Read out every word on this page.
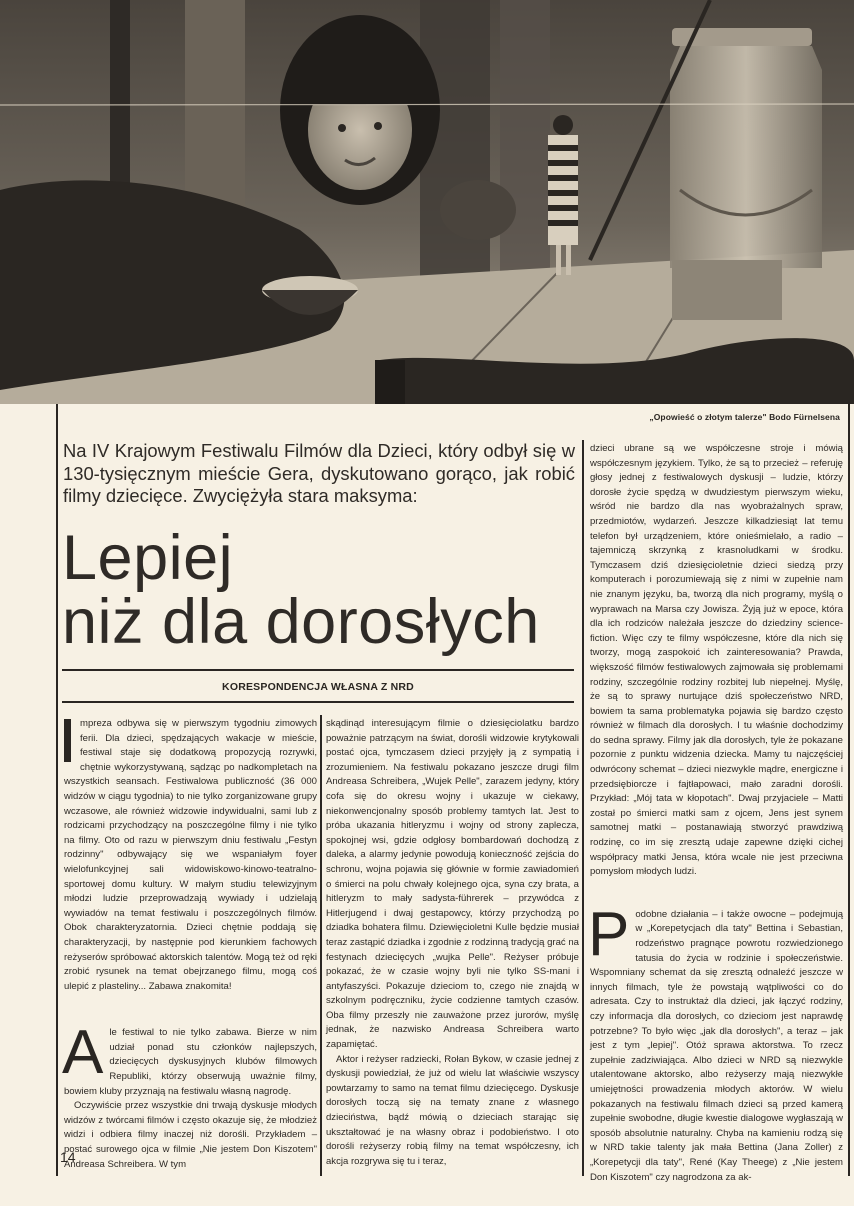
„Opowieść o złotym talerze" Bodo Fürnelsena
Na IV Krajowym Festiwalu Filmów dla Dzieci, który odbył się w 130-tysięcznym mieście Gera, dyskutowano gorąco, jak robić filmy dziecięce. Zwyciężyła stara maksyma:
Lepiej
niż dla dorosłych
KORESPONDENCJA WŁASNA Z NRD

mpreza odbywa się w pierwszym tygodniu zimowych ferii. Dla dzieci, spędzających wakacje w mieście, festiwal staje się dodatkową propozycją rozrywki, chętnie wykorzystywaną, sądząc po nadkompletach na wszystkich seansach. Festiwalowa publiczność (36 000 widzów w ciągu tygodnia) to nie tylko zorganizowane grupy wczasowe, ale również widzowie indywidualni, sami lub z rodzicami przychodzący na poszczególne filmy i nie tylko na filmy. Oto od razu w pierwszym dniu festiwalu „Festyn rodzinny" odbywający się we wspaniałym foyer wielofunkcyjnej sali widowiskowo-kinowo-teatralno-sportowej domu kultury. W małym studiu telewizyjnym młodzi ludzie przeprowadzają wywiady i udzielają wywiadów na temat festiwalu i poszczególnych filmów. Obok charakteryzatornia. Dzieci chętnie poddają się charakteryzacji, by następnie pod kierunkiem fachowych reżyserów spróbować aktorskich talentów. Mogą też od ręki zrobić rysunek na temat obejrzanego filmu, mogą coś ulepić z plasteliny... Zabawa znakomita!

Ale festiwal to nie tylko zabawa. Bierze w nim udział ponad stu członków najlepszych, dziecięcych dyskusyjnych klubów filmowych Republiki, którzy obserwują uważnie filmy, bowiem kluby przyznają na festiwalu własną nagrodę.

Oczywiście przez wszystkie dni trwają dyskusje młodych widzów z twórcami filmów i często okazuje się, że młodzież widzi i odbiera filmy inaczej niż dorośli. Przykładem – postać surowego ojca w filmie „Nie jestem Don Kiszotem" Andreasa Schreibera. W tym

skądinąd interesującym filmie o dziesięciolatku bardzo poważnie patrzącym na świat, dorośli widzowie krytykowali postać ojca, tymczasem dzieci przyjęły ją z sympatią i zrozumieniem. Na festiwalu pokazano jeszcze drugi film Andreasa Schreibera, „Wujek Pelle", zarazem jedyny, który cofa się do okresu wojny i ukazuje w ciekawy, niekonwencjonalny sposób problemy tamtych lat. Jest to próba ukazania hitleryzmu i wojny od strony zaplecza, spokojnej wsi, gdzie odgłosy bombardowań dochodzą z daleka, a alarmy jedynie powodują konieczność zejścia do schronu, wojna pojawia się głównie w formie zawiadomień o śmierci na polu chwały kolejnego ojca, syna czy brata, a hitleryzm to mały sadysta-führerek – przywódca z Hitlerjugend i dwaj gestapowcy, którzy przychodzą po dziadka bohatera filmu. Dziewięcioletni Kulle będzie musiał teraz zastąpić dziadka i zgodnie z rodzinną tradycją grać na festynach dziecięcych „wujka Pelle". Reżyser próbuje pokazać, że w czasie wojny byli nie tylko SS-mani i antyfaszyści. Pokazuje dzieciom to, czego nie znajdą w szkolnym podręczniku, życie codzienne tamtych czasów. Oba filmy przeszły nie zauważone przez jurorów, myślę jednak, że nazwisko Andreasa Schreibera warto zapamiętać.

Aktor i reżyser radziecki, Rołan Bykow, w czasie jednej z dyskusji powiedział, że już od wielu lat właściwie wszyscy powtarzamy to samo na temat filmu dziecięcego. Dyskusje dorosłych toczą się na tematy znane z własnego dzieciństwa, bądź mówią o dzieciach starając się ukształtować je na własny obraz i podobieństwo. I oto dorośli reżyserzy robią filmy na temat współczesny, ich akcja rozgrywa się tu i teraz,

dzieci ubrane są we współczesne stroje i mówią współczesnym językiem. Tylko, że są to przecież – referuję głosy jednej z festiwalowych dyskusji – ludzie, którzy dorosłe życie spędzą w dwudziestym pierwszym wieku, wśród nie bardzo dla nas wyobrażalnych spraw, przedmiotów, wydarzeń. Jeszcze kilkadziesiąt lat temu telefon był urządzeniem, które onieśmielało, a radio – tajemniczą skrzynką z krasnoludkami w środku. Tymczasem dziś dziesięcioletnie dzieci siedzą przy komputerach i porozumiewają się z nimi w zupełnie nam nie znanym języku, ba, tworzą dla nich programy, myślą o wyprawach na Marsa czy Jowisza. Żyją już w epoce, która dla ich rodziców należała jeszcze do dziedziny science-fiction. Więc czy te filmy współczesne, które dla nich się tworzy, mogą zaspokoić ich zainteresowania? Prawda, większość filmów festiwalowych zajmowała się problemami rodziny, szczególnie rodziny rozbitej lub niepełnej. Myślę, że są to sprawy nurtujące dziś społeczeństwo NRD, bowiem ta sama problematyka pojawia się bardzo często również w filmach dla dorosłych. I tu właśnie dochodzimy do sedna sprawy. Filmy jak dla dorosłych, tyle że pokazane pozornie z punktu widzenia dziecka. Mamy tu najczęściej odwrócony schemat – dzieci niezwykle mądre, energiczne i przedsiębiorcze i fajtłapowaci, mało zaradni dorośli. Przykład: „Mój tata w kłopotach". Dwaj przyjaciele – Matti został po śmierci matki sam z ojcem, Jens jest synem samotnej matki – postanawiają stworzyć prawdziwą rodzinę, co im się zresztą udaje zapewne dzięki cichej współpracy matki Jensa, która wcale nie jest przeciwna pomysłom młodych ludzi.

Podobne działania – i także owocne – podejmują w „Korepetycjach dla taty" Bettina i Sebastian, rodzeństwo pragnące powrotu rozwiedzionego tatusia do życia w rodzinie i społeczeństwie. Wspomniany schemat da się zresztą odnaleźć jeszcze w innych filmach, tyle że powstają wątpliwości co do adresata. Czy to instruktaż dla dzieci, jak łączyć rodziny, czy informacja dla dorosłych, co dzieciom jest naprawdę potrzebne? To było więc „jak dla dorosłych", a teraz – jak jest z tym „lepiej". Otóż sprawa aktorstwa. To rzecz zupełnie zadziwiająca. Albo dzieci w NRD są niezwykle utalentowane aktorsko, albo reżyserzy mają niezwykłe umiejętności prowadzenia młodych aktorów. W wielu pokazanych na festiwalu filmach dzieci są przed kamerą zupełnie swobodne, długie kwestie dialogowe wygłaszają w sposób absolutnie naturalny. Chyba na kamieniu rodzą się w NRD takie talenty jak mała Bettina (Jana Zoller) z „Korepetycji dla taty", René (Kay Theege) z „Nie jestem Don Kiszotem" czy nagrodzona za ak-

14
